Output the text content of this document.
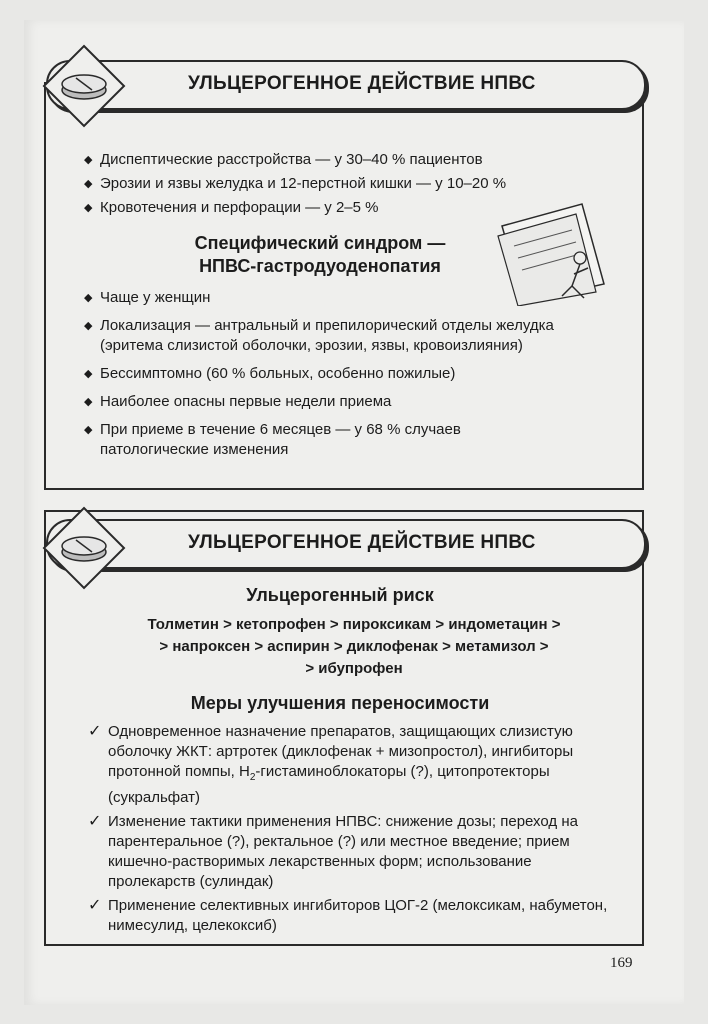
УЛЬЦЕРОГЕННОЕ ДЕЙСТВИЕ НПВС
◆ Диспептические расстройства — у 30–40 % пациентов
◆ Эрозии и язвы желудка и 12-перстной кишки — у 10–20 %
◆ Кровотечения и перфорации — у 2–5 %
Специфический синдром —
НПВС-гастродуоденопатия
◆ Чаще у женщин
◆ Локализация — антральный и препилорический отделы желудка (эритема слизистой оболочки, эрозии, язвы, кровоизлияния)
◆ Бессимптомно (60 % больных, особенно пожилые)
◆ Наиболее опасны первые недели приема
◆ При приеме в течение 6 месяцев — у 68 % случаев патологические изменения
УЛЬЦЕРОГЕННОЕ ДЕЙСТВИЕ НПВС
Ульцерогенный риск
Толметин > кетопрофен > пироксикам > индометацин >
> напроксен > аспирин > диклофенак > метамизол >
> ибупрофен
Меры улучшения переносимости
✓ Одновременное назначение препаратов, защищающих слизистую оболочку ЖКТ: артротек (диклофенак + мизопростол), ингибиторы протонной помпы, $H_2$-гистаминоблокаторы (?), цитопротекторы (сукральфат)
✓ Изменение тактики применения НПВС: снижение дозы; переход на парентеральное (?), ректальное (?) или местное введение; прием кишечно-растворимых лекарственных форм; использование пролекарств (сулиндак)
✓ Применение селективных ингибиторов ЦОГ-2 (мелоксикам, набуметон, нимесулид, целекоксиб)
169
